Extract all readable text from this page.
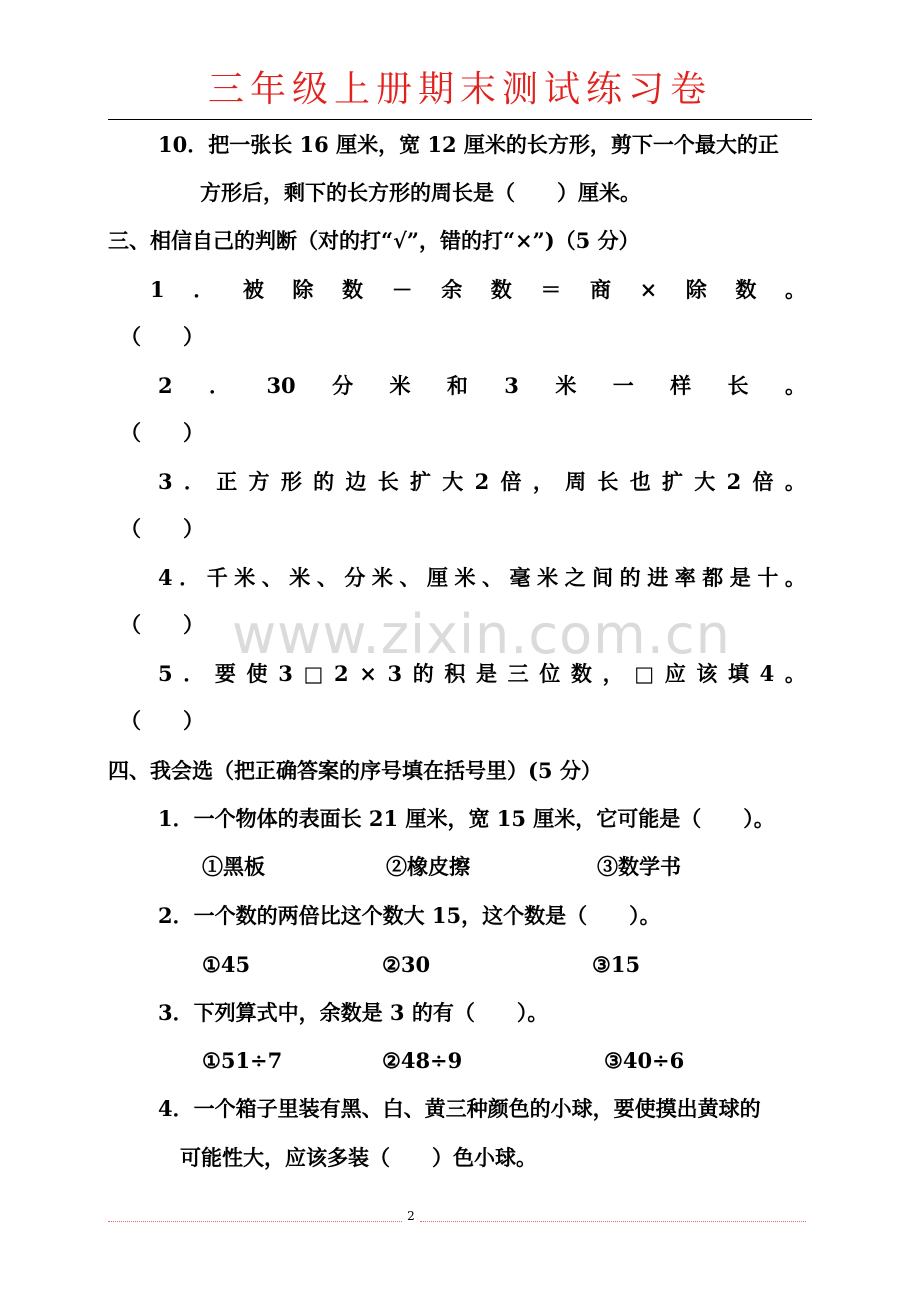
三年级上册期末测试练习卷
10．把一张长 16 厘米，宽 12 厘米的长方形，剪下一个最大的正
方形后，剩下的长方形的周长是（　　）厘米。
三、相信自己的判断（对的打“√”，错的打“×”)（5 分）
1 ． 被 除 数 － 余 数 ＝ 商 × 除 数 。
（　　）
2 ． 30 分 米 和 3 米 一 样 长 。
（　　）
3 ． 正 方 形 的 边 长 扩 大 2 倍 ， 周 长 也 扩 大 2 倍 。
（　　）
4 ． 千 米 、 米 、 分 米 、 厘 米 、 毫 米 之 间 的 进 率 都 是 十 。
（　　）
5 ． 要 使 3 □ 2 × 3 的 积 是 三 位 数 ， □ 应 该 填 4 。
（　　）
四、我会选（把正确答案的序号填在括号里）(5 分）
1．一个物体的表面长 21 厘米，宽 15 厘米，它可能是（　　）。
①黑板	②橡皮擦	③数学书
2．一个数的两倍比这个数大 15，这个数是（　　）。
①45	②30	③15
3．下列算式中，余数是 3 的有（　　）。
①51÷7	②48÷9	③40÷6
4．一个箱子里装有黑、白、黄三种颜色的小球，要使摸出黄球的
可能性大，应该多装（　　）色小球。
www.zixin.com.cn
2
